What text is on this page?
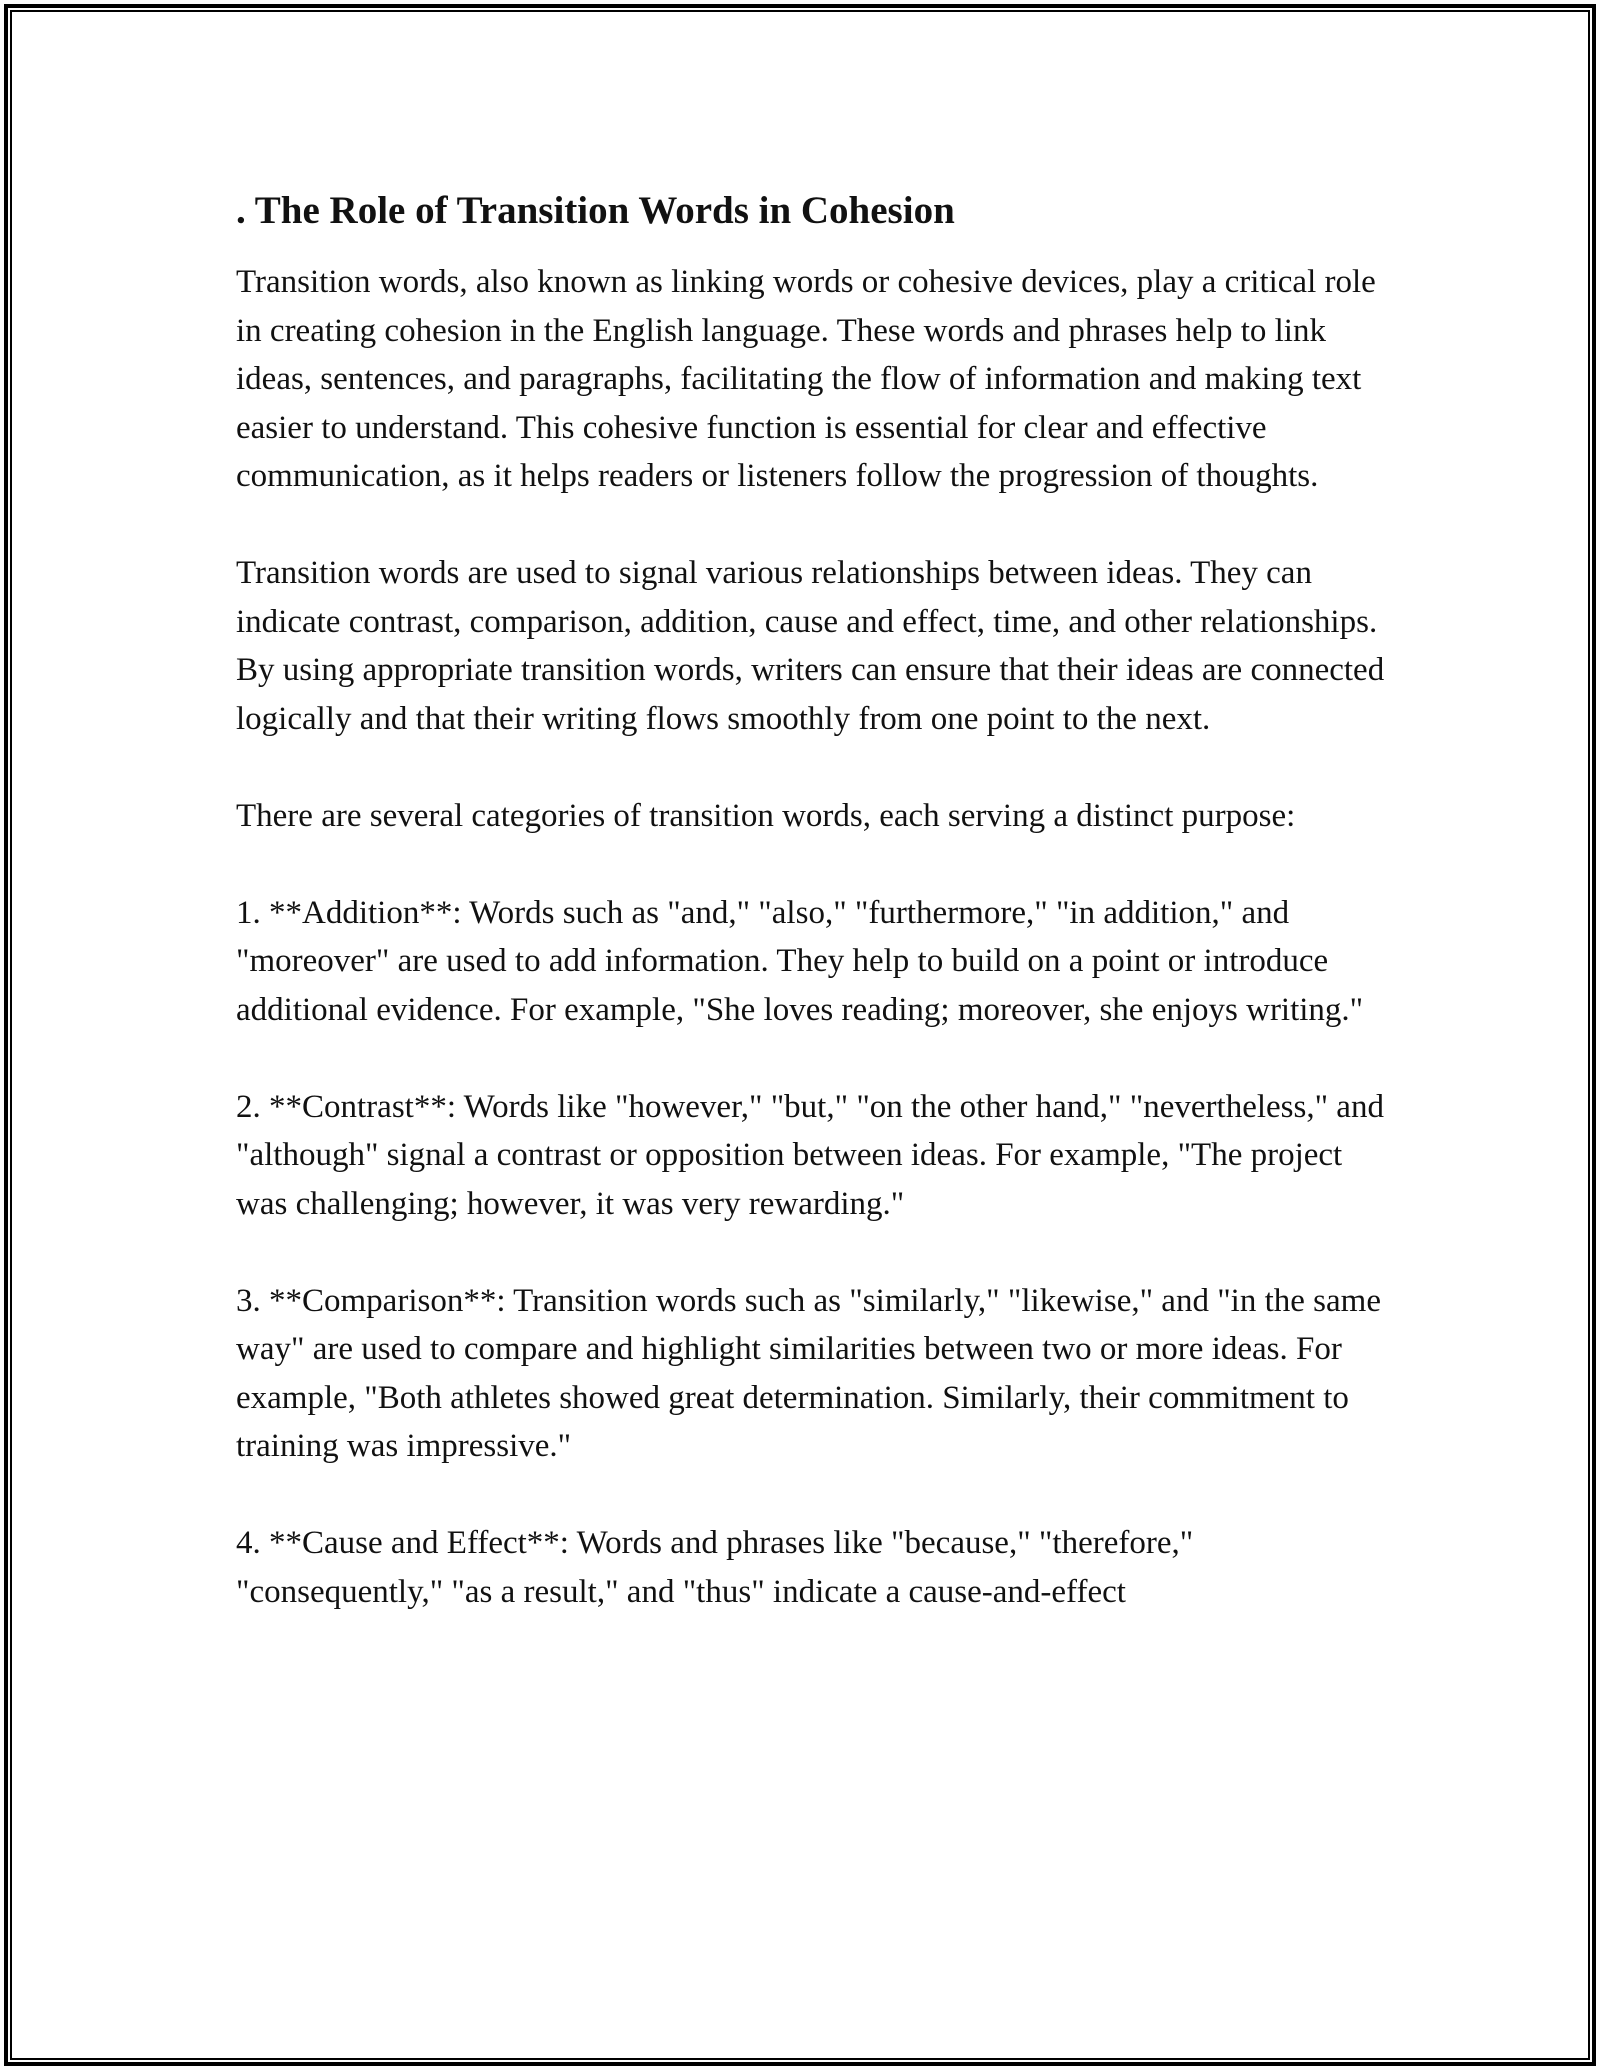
. The Role of Transition Words in Cohesion

Transition words, also known as linking words or cohesive devices, play a critical role in creating cohesion in the English language. These words and phrases help to link ideas, sentences, and paragraphs, facilitating the flow of information and making text easier to understand. This cohesive function is essential for clear and effective communication, as it helps readers or listeners follow the progression of thoughts.

Transition words are used to signal various relationships between ideas. They can indicate contrast, comparison, addition, cause and effect, time, and other relationships. By using appropriate transition words, writers can ensure that their ideas are connected logically and that their writing flows smoothly from one point to the next.

There are several categories of transition words, each serving a distinct purpose:

1. **Addition**: Words such as "and," "also," "furthermore," "in addition," and "moreover" are used to add information. They help to build on a point or introduce additional evidence. For example, "She loves reading; moreover, she enjoys writing."

2. **Contrast**: Words like "however," "but," "on the other hand," "nevertheless," and "although" signal a contrast or opposition between ideas. For example, "The project was challenging; however, it was very rewarding."

3. **Comparison**: Transition words such as "similarly," "likewise," and "in the same way" are used to compare and highlight similarities between two or more ideas. For example, "Both athletes showed great determination. Similarly, their commitment to training was impressive."

4. **Cause and Effect**: Words and phrases like "because," "therefore," "consequently," "as a result," and "thus" indicate a cause-and-effect
